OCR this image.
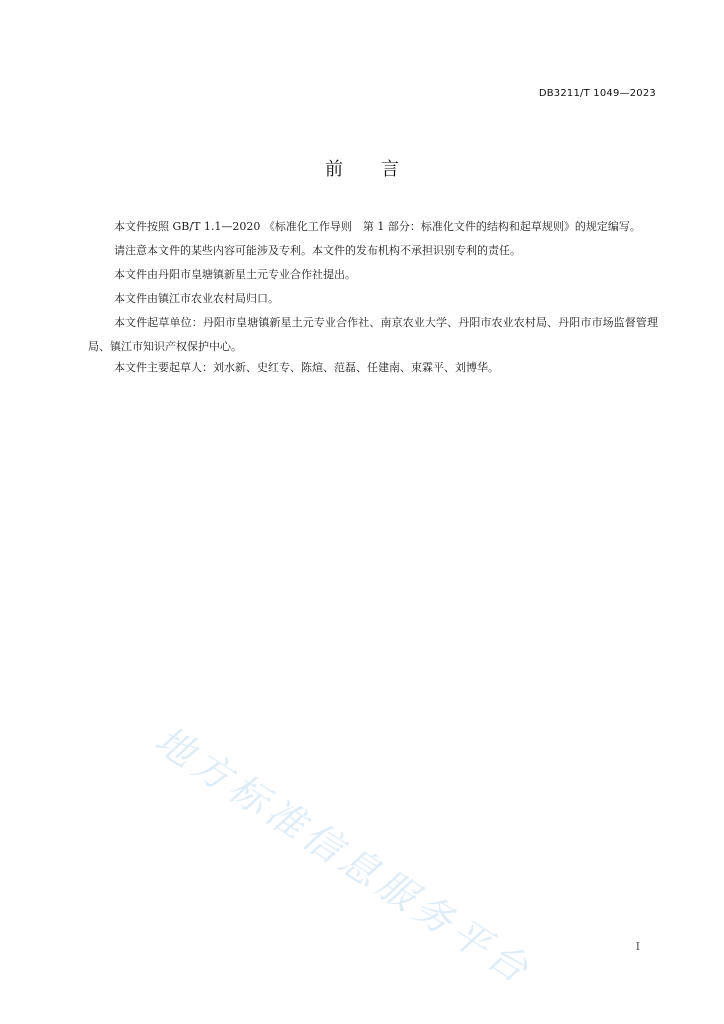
DB3211/T 1049—2023
前言

本文件按照 GB/T 1.1—2020 《标准化工作导则　第 1 部分：标准化文件的结构和起草规则》的规定编写。

请注意本文件的某些内容可能涉及专利。本文件的发布机构不承担识别专利的责任。

本文件由丹阳市皇塘镇新星土元专业合作社提出。

本文件由镇江市农业农村局归口。

本文件起草单位：丹阳市皇塘镇新星土元专业合作社、南京农业大学、丹阳市农业农村局、丹阳市市场监督管理局、镇江市知识产权保护中心。

本文件主要起草人：刘水新、史红专、陈煊、范磊、任建南、束霖平、刘博华。

地方标准信息服务平台	I
